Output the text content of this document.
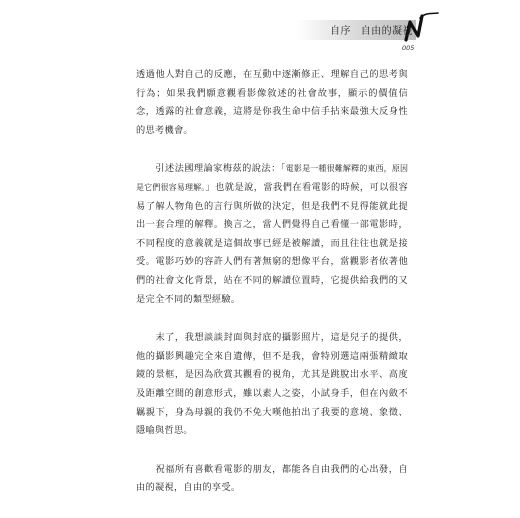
自序 自由的凝視
005

透過他人對自己的反應，在互動中逐漸修正、理解自己的思考與行為；如果我們願意觀看影像敘述的社會故事，顯示的價值信念，透露的社會意義，這將是你我生命中信手拈來最強大反身性的思考機會。

　　引述法國理論家梅茲的說法：「電影是一種很難解釋的東西，原因是它們很容易理解。」也就是說，當我們在看電影的時候，可以很容易了解人物角色的言行與所做的決定，但是我們不見得能就此提出一套合理的解釋。換言之，當人們覺得自己看懂一部電影時，不同程度的意義就是這個故事已經是被解讀，而且往往也就是接受。電影巧妙的容許人們有著無窮的想像平台，當觀影者依著他們的社會文化背景，站在不同的解讀位置時，它提供給我們的又是完全不同的類型經驗。

　　末了，我想談談封面與封底的攝影照片，這是兒子的提供，他的攝影興趣完全來自遺傳，但不是我，會特別選這兩張精緻取鏡的景框，是因為欣賞其觀看的視角，尤其是跳脫出水平、高度及距離空間的創意形式，雖以素人之姿，小試身手，但在內斂不羈親下，身為母親的我仍不免大嘆他拍出了我要的意境、象徵、隱喻與哲思。

　　祝福所有喜歡看電影的朋友，都能各自由我們的心出發，自由的凝視，自由的享受。
